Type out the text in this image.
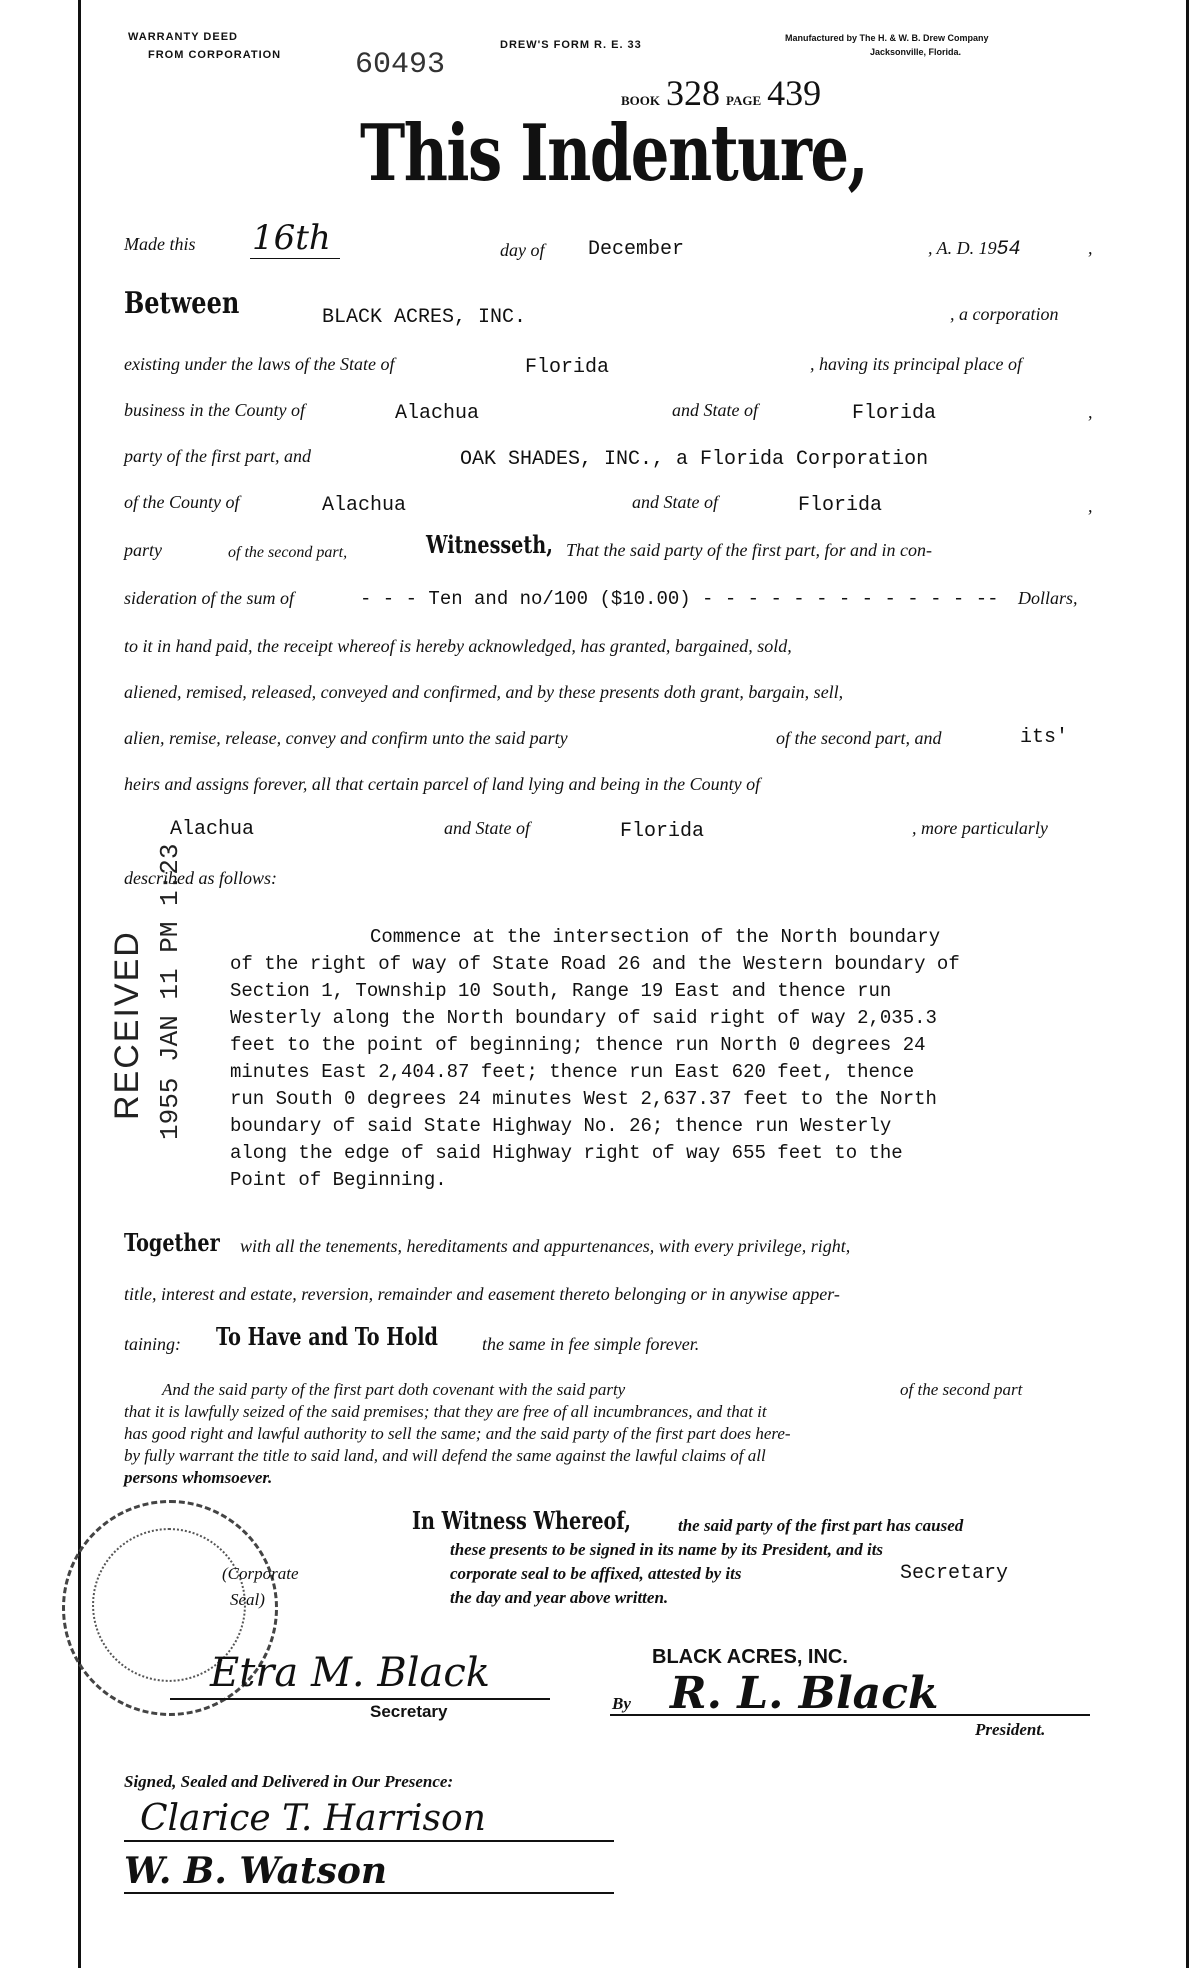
WARRANTY DEED
FROM CORPORATION
DREW'S FORM R. E. 33
Manufactured by The H. & W. B. Drew Company
Jacksonville, Florida.
60493
BOOK 328 PAGE 439
This Indenture,
Made this 16th	day of December	, A. D. 1954	,
Between	BLACK ACRES, INC.	, a corporation
existing under the laws of the State of	Florida	, having its principal place of
business in the County of	Alachua	and State of	Florida	,
party of the first part, and	OAK SHADES, INC., a Florida Corporation
of the County of	Alachua	and State of	Florida	,
party	of the second part,	Witnesseth, That the said party of the first part, for and in con-
sideration of the sum of	- - - Ten and no/100 ($10.00) - - - - - - - - - - - - -- Dollars,
to it in hand paid, the receipt whereof is hereby acknowledged, has granted, bargained, sold,
aliened, remised, released, conveyed and confirmed, and by these presents doth grant, bargain, sell,
alien, remise, release, convey and confirm unto the said party	of the second part, and	its'
heirs and assigns forever, all that certain parcel of land lying and being in the County of
Alachua	and State of	Florida	, more particularly
described as follows:
Commence at the intersection of the North boundary
of the right of way of State Road 26 and the Western boundary of
Section 1, Township 10 South, Range 19 East and thence run
Westerly along the North boundary of said right of way 2,035.3
feet to the point of beginning; thence run North 0 degrees 24
minutes East 2,404.87 feet; thence run East 620 feet, thence
run South 0 degrees 24 minutes West 2,637.37 feet to the North
boundary of said State Highway No. 26; thence run Westerly
along the edge of said Highway right of way 655 feet to the
Point of Beginning.
RECEIVED 1955 JAN 11 PM 1:23
Together with all the tenements, hereditaments and appurtenances, with every privilege, right,
title, interest and estate, reversion, remainder and easement thereto belonging or in anywise apper-
taining: To Have and To Hold the same in fee simple forever.
And the said party of the first part doth covenant with the said party	of the second part
that it is lawfully seized of the said premises; that they are free of all incumbrances, and that it
has good right and lawful authority to sell the same; and the said party of the first part does here-
by fully warrant the title to said land, and will defend the same against the lawful claims of all
persons whomsoever.
(Corporate
Seal)
In Witness Whereof,	the said party of the first part has caused
these presents to be signed in its name by its President, and its
corporate seal to be affixed, attested by its	Secretary
the day and year above written.
BLACK ACRES, INC.
By R. L. Black
President.
Etra M. Black
Secretary
Signed, Sealed and Delivered in Our Presence:
Clarice T. Harrison
W. B. Watson
